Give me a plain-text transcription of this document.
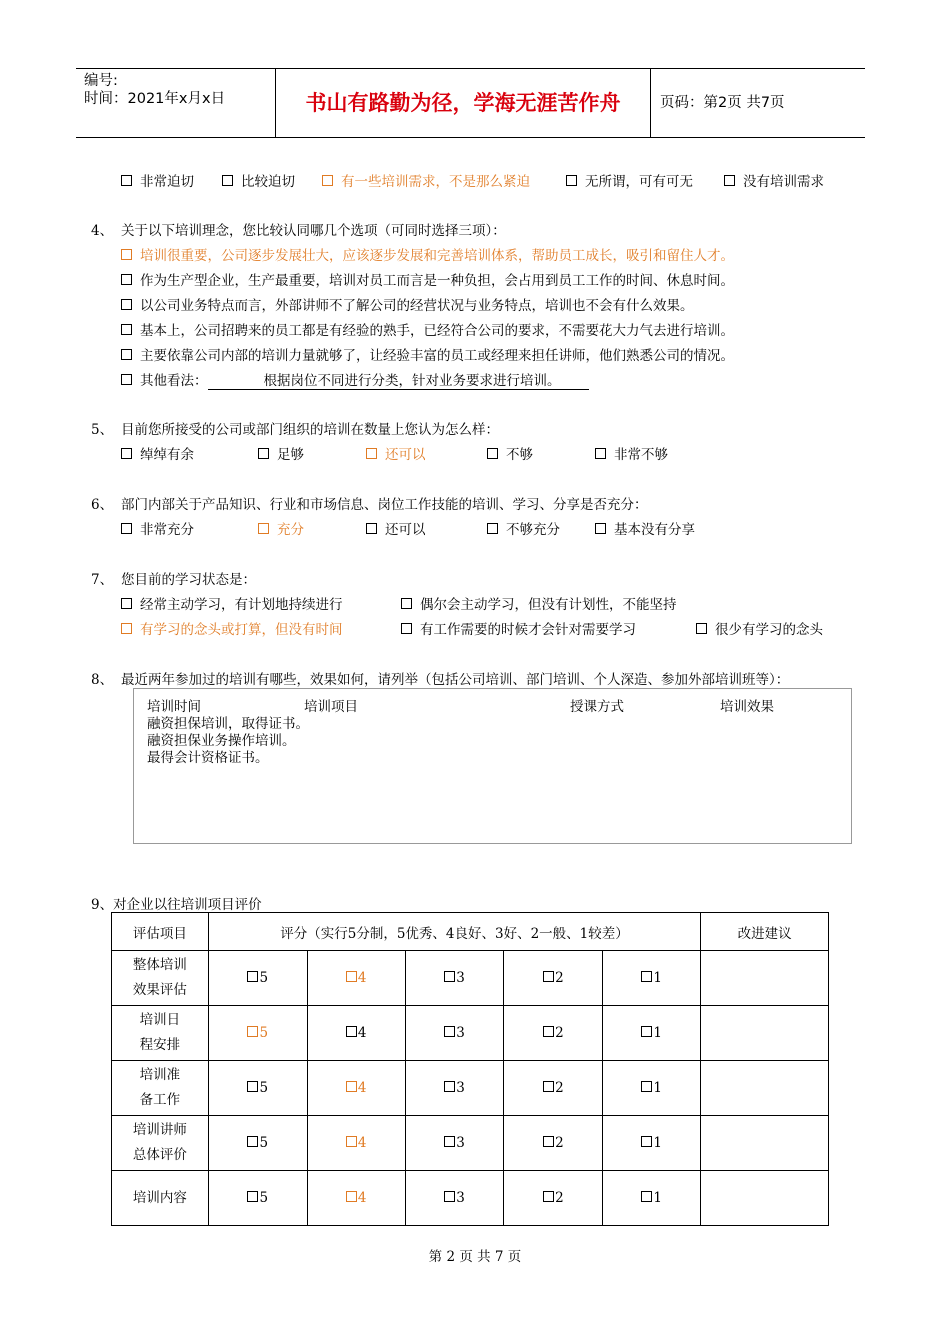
编号:
时间：2021年x月x日	书山有路勤为径，学海无涯苦作舟	页码：第2页 共7页
非常迫切	比较迫切	有一些培训需求，不是那么紧迫	无所谓，可有可无	没有培训需求
4、 关于以下培训理念，您比较认同哪几个选项（可同时选择三项）：
培训很重要，公司逐步发展壮大，应该逐步发展和完善培训体系，帮助员工成长，吸引和留住人才。
作为生产型企业，生产最重要，培训对员工而言是一种负担，会占用到员工工作的时间、休息时间。
以公司业务特点而言，外部讲师不了解公司的经营状况与业务特点，培训也不会有什么效果。
基本上，公司招聘来的员工都是有经验的熟手，已经符合公司的要求，不需要花大力气去进行培训。
主要依靠公司内部的培训力量就够了，让经验丰富的员工或经理来担任讲师，他们熟悉公司的情况。
其他看法：	根据岗位不同进行分类，针对业务要求进行培训。
5、 目前您所接受的公司或部门组织的培训在数量上您认为怎么样：
绰绰有余	足够	还可以	不够	非常不够
6、 部门内部关于产品知识、行业和市场信息、岗位工作技能的培训、学习、分享是否充分：
非常充分	充分	还可以	不够充分	基本没有分享
7、 您目前的学习状态是：
经常主动学习，有计划地持续进行	偶尔会主动学习，但没有计划性，不能坚持
有学习的念头或打算，但没有时间	有工作需要的时候才会针对需要学习	很少有学习的念头
8、 最近两年参加过的培训有哪些，效果如何，请列举（包括公司培训、部门培训、个人深造、参加外部培训班等）：
培训时间	培训项目	授课方式	培训效果
融资担保培训，取得证书。
融资担保业务操作培训。
最得会计资格证书。
9、对企业以往培训项目评价
评估项目	评分（实行5分制，5优秀、4良好、3好、2一般、1较差）					改进建议

整体培训
效果评估	5	4	3	2	1	

培训日
程安排	5	4	3	2	1	

培训准
备工作	5	4	3	2	1	

培训讲师
总体评价	5	4	3	2	1	

培训内容	5	4	3	2	1	
第 2 页 共 7 页
